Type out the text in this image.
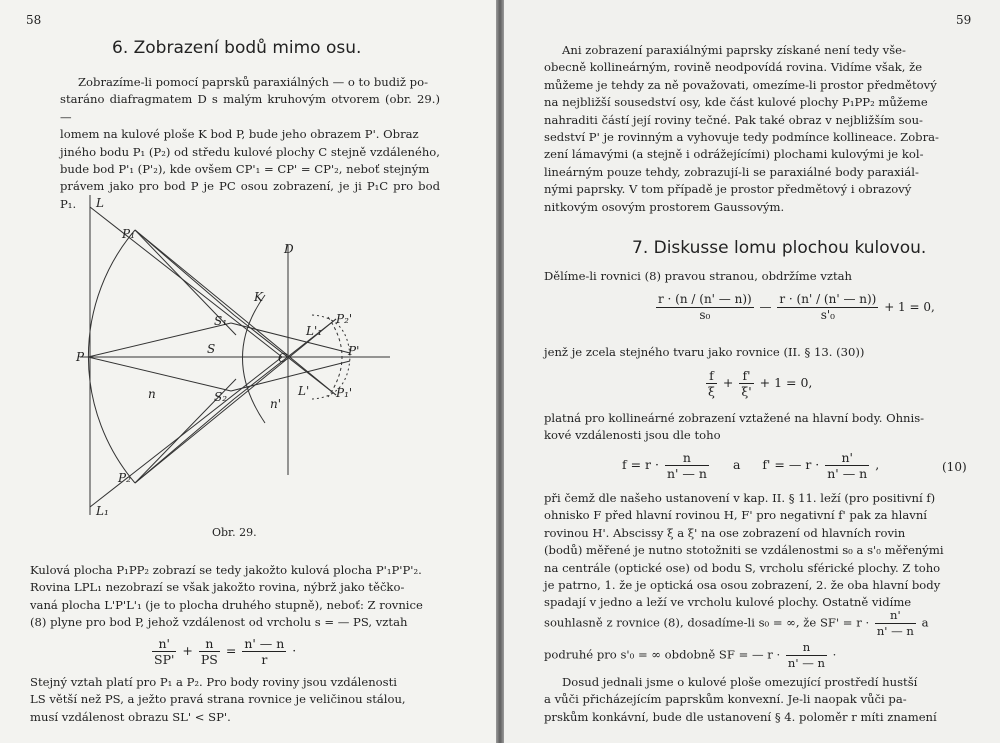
58
6. Zobrazení bodů mimo osu.
Zobrazíme-li pomocí paprsků paraxiálných — o to budiž po-
staráno diafragmatem D s malým kruhovým otvorem (obr. 29.) —
lomem na kulové ploše K bod P, bude jeho obrazem P'. Obraz
jiného bodu P₁ (P₂) od středu kulové plochy C stejně vzdáleného,
bude bod P'₁ (P'₂), kde ovšem CP'₁ = CP' = CP'₂, neboť stejným
právem jako pro bod P je PC osou zobrazení, je ji P₁C pro bod P₁.	L
L₁
P₁
P₂
P
D
K
S₁
S
S₂
C
n
n'
L'₁
L'
P₂'
P'
P₁'
Obr. 29.
Kulová plocha P₁PP₂ zobrazí se tedy jakožto kulová plocha P'₁P'P'₂.
Rovina LPL₁ nezobrazí se však jakožto rovina, nýbrž jako těčko-
vaná plocha L'P'L'₁ (je to plocha druhého stupně), neboť: Z rovnice
(8) plyne pro bod P, jehož vzdálenost od vrcholu s = — PS, vztah
$\frac{n'}{SP'} + \frac{n}{PS} = \frac{n' — n}{r}$ ·
Stejný vztah platí pro P₁ a P₂. Pro body roviny jsou vzdálenosti
LS větší než PS, a ježto pravá strana rovnice je veličinou stálou,
musí vzdálenost obrazu SL' < SP'.
59
Ani zobrazení paraxiálnými paprsky získané není tedy vše-
obecně kollineárným, rovině neodpovídá rovina. Vidíme však, že
můžeme je tehdy za ně považovati, omezíme-li prostor předmětový
na nejbližší sousedství osy, kde část kulové plochy P₁PP₂ můžeme
nahraditi částí její roviny tečné. Pak také obraz v nejbližším sou-
sedství P' je rovinným a vyhovuje tedy podmínce kollineace. Zobra-
zení lámavými (a stejně i odrážejícími) plochami kulovými je kol-
lineárným pouze tehdy, zobrazují-li se paraxiálné body paraxiál-
nými paprsky. V tom případě je prostor předmětový i obrazový
nitkovým osovým prostorem Gaussovým.
7. Diskusse lomu plochou kulovou.
Dělíme-li rovnici (8) pravou stranou, obdržíme vztah
$\frac{r \cdot (n / (n' — n))}{\text{s₀}}$ — $\frac{r \cdot (n' / (n' — n))}{\text{s'₀}} + 1 = 0$,
jenž je zcela stejného tvaru jako rovnice (II. § 13. (30))
$\frac{f}{\xi} + \frac{f'}{\xi'} + 1 = 0$,
platná pro kollineárné zobrazení vztažené na hlavní body. Ohnis-
kové vzdálenosti jsou dle toho
$f = r \cdot \frac{n}{n' — n}$ a f' = — $r \cdot \frac{n'}{n' — n}$ ,	(10)
při čemž dle našeho ustanovení v kap. II. § 11. leží (pro positivní f)
ohnisko F před hlavní rovinou H, F' pro negativní f' pak za hlavní
rovinou H'. Abscissy ξ a ξ' na ose zobrazení od hlavních rovin
(bodů) měřené je nutno stotožniti se vzdálenostmi s₀ a s'₀ měřenými
na centrále (optické ose) od bodu S, vrcholu sférické plochy. Z toho
je patrno, 1. že je optická osa osou zobrazení, 2. že oba hlavní body
spadají v jedno a leží ve vrcholu kulové plochy. Ostatně vidíme
souhlasně z rovnice (8), dosadíme-li s₀ = ∞, že $SF' = r \cdot \frac{n'}{n' — n}$ a
podruhé pro s'₀ = ∞ obdobně SF = — $r \cdot \frac{n}{n' — n}$ ·
Dosud jednali jsme o kulové ploše omezující prostředí hustší
a vůči přicházejícím paprskům konvexní. Je-li naopak vůči pa-
prskům konkávní, bude dle ustanovení § 4. poloměr r míti znamení
